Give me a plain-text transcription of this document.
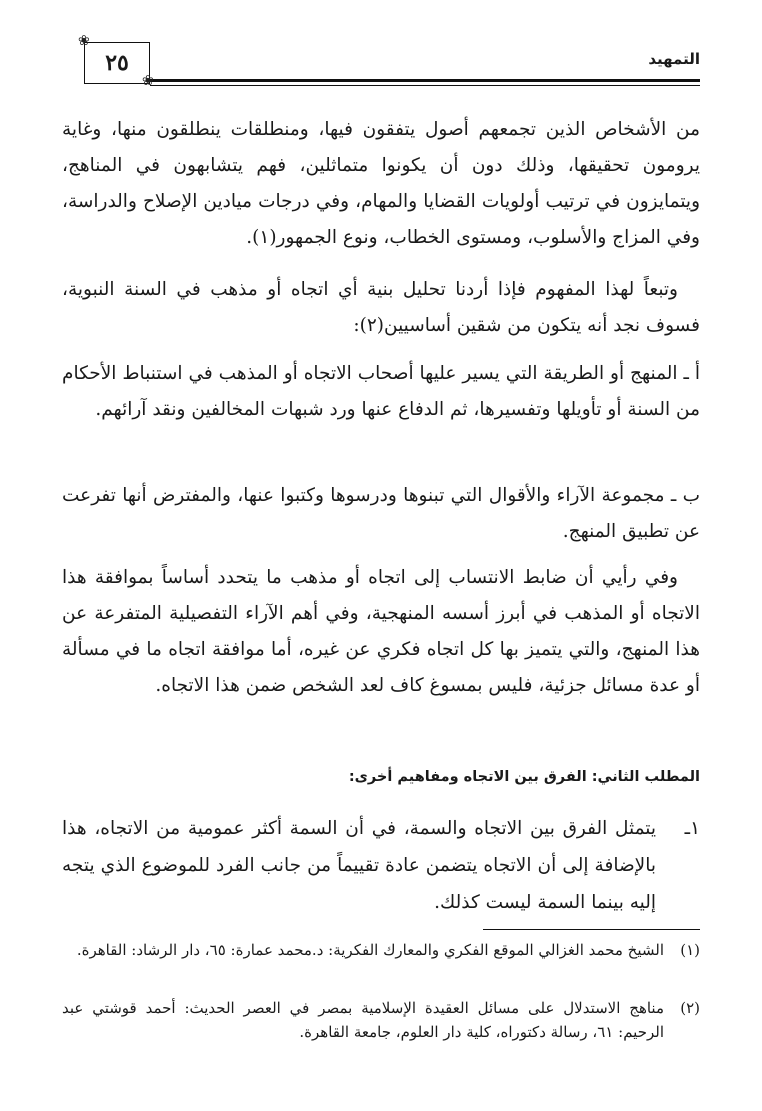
التمهيد
٢٥
❀
❀

من الأشخاص الذين تجمعهم أصول يتفقون فيها، ومنطلقات ينطلقون منها، وغاية يرومون تحقيقها، وذلك دون أن يكونوا متماثلين، فهم يتشابهون في المناهج، ويتمايزون في ترتيب أولويات القضايا والمهام، وفي درجات ميادين الإصلاح والدراسة، وفي المزاج والأسلوب، ومستوى الخطاب، ونوع الجمهور(١).

وتبعاً لهذا المفهوم فإذا أردنا تحليل بنية أي اتجاه أو مذهب في السنة النبوية، فسوف نجد أنه يتكون من شقين أساسيين(٢):

أ ـ المنهج أو الطريقة التي يسير عليها أصحاب الاتجاه أو المذهب في استنباط الأحكام من السنة أو تأويلها وتفسيرها، ثم الدفاع عنها ورد شبهات المخالفين ونقد آرائهم.

ب ـ مجموعة الآراء والأقوال التي تبنوها ودرسوها وكتبوا عنها، والمفترض أنها تفرعت عن تطبيق المنهج.

وفي رأيي أن ضابط الانتساب إلى اتجاه أو مذهب ما يتحدد أساساً بموافقة هذا الاتجاه أو المذهب في أبرز أسسه المنهجية، وفي أهم الآراء التفصيلية المتفرعة عن هذا المنهج، والتي يتميز بها كل اتجاه فكري عن غيره، أما موافقة اتجاه ما في مسألة أو عدة مسائل جزئية، فليس بمسوغ كاف لعد الشخص ضمن هذا الاتجاه.

المطلب الثاني: الفرق بين الاتجاه ومفاهيم أخرى:
١ـ
يتمثل الفرق بين الاتجاه والسمة، في أن السمة أكثر عمومية من الاتجاه، هذا بالإضافة إلى أن الاتجاه يتضمن عادة تقييماً من جانب الفرد للموضوع الذي يتجه إليه بينما السمة ليست كذلك.
(١)
الشيخ محمد الغزالي الموقع الفكري والمعارك الفكرية: د.محمد عمارة: ٦٥، دار الرشاد: القاهرة.
(٢)
مناهج الاستدلال على مسائل العقيدة الإسلامية بمصر في العصر الحديث: أحمد قوشتي عبد الرحيم: ٦١، رسالة دكتوراه، كلية دار العلوم، جامعة القاهرة.
